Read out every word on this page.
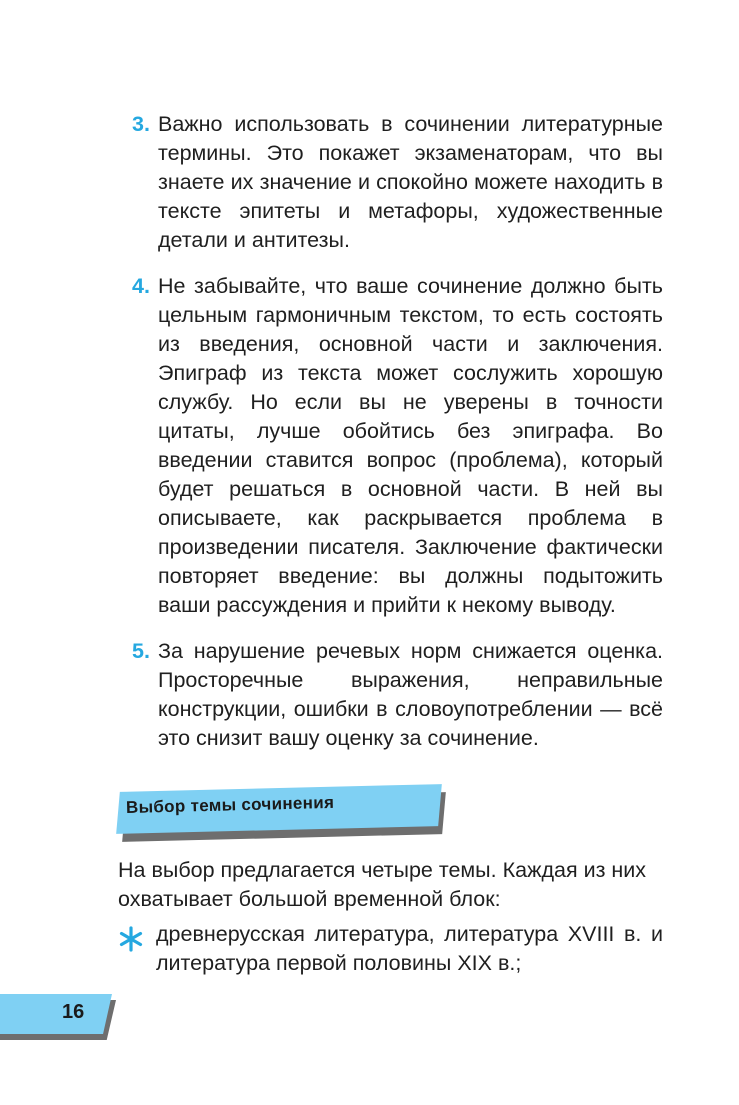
3. Важно использовать в сочинении литературные термины. Это покажет экзаменаторам, что вы знаете их значение и спокойно можете находить в тексте эпитеты и метафоры, художественные детали и антитезы.
4. Не забывайте, что ваше сочинение должно быть цельным гармоничным текстом, то есть состоять из введения, основной части и заключения. Эпиграф из текста может сослужить хорошую службу. Но если вы не уверены в точности цитаты, лучше обойтись без эпиграфа. Во введении ставится вопрос (проблема), который будет решаться в основной части. В ней вы описываете, как раскрывается проблема в произведении писателя. Заключение фактически повторяет введение: вы должны подытожить ваши рассуждения и прийти к некому выводу.
5. За нарушение речевых норм снижается оценка. Просторечные выражения, неправильные конструкции, ошибки в словоупотреблении — всё это снизит вашу оценку за сочинение.
Выбор темы сочинения
На выбор предлагается четыре темы. Каждая из них охватывает большой временной блок:
древнерусская литература, литература XVIII в. и литература первой половины XIX в.;
16
